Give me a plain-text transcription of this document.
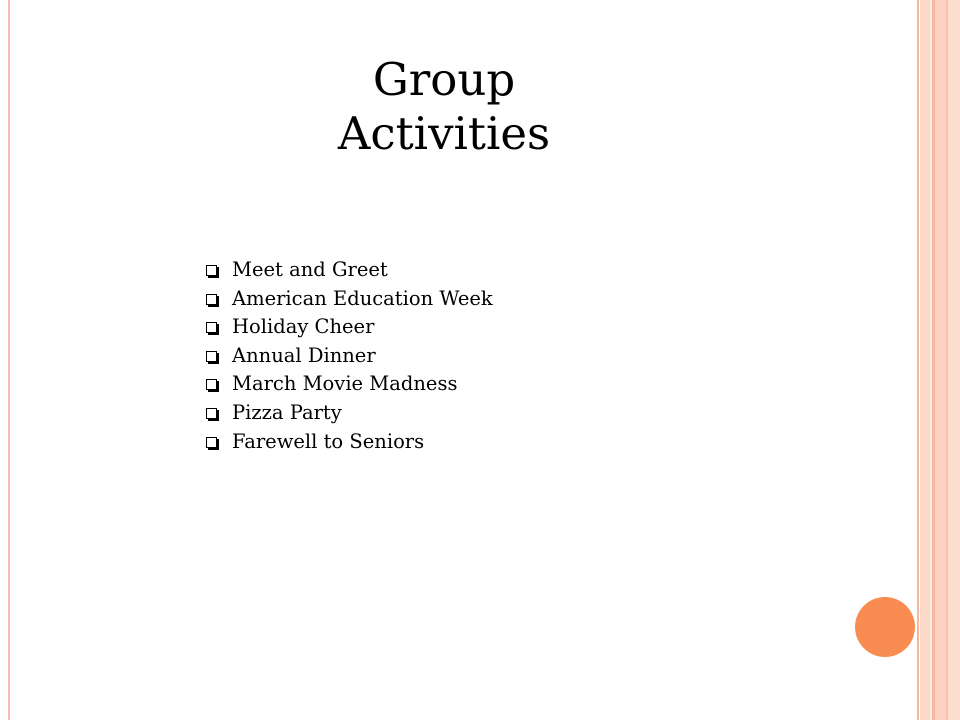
Group
Activities
Meet and Greet
American Education Week
Holiday Cheer
Annual Dinner
March Movie Madness
Pizza Party
Farewell to Seniors
